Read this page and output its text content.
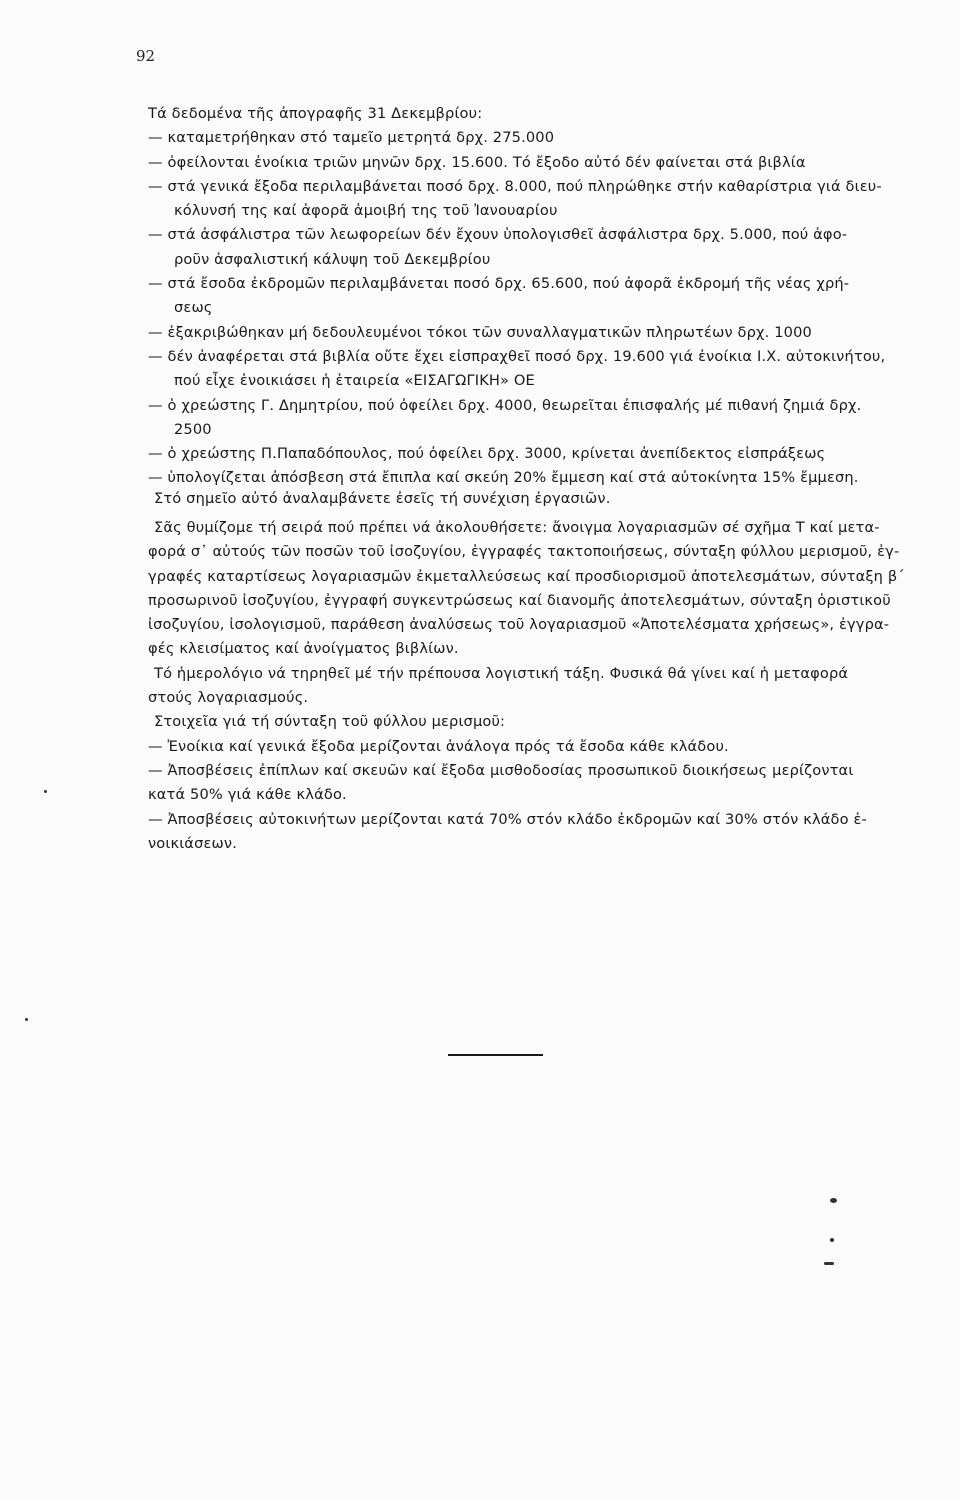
92
Τά δεδομένα τῆς ἀπογραφῆς 31 Δεκεμβρίου:
— καταμετρήθηκαν στό ταμεῖο μετρητά δρχ. 275.000
— ὀφείλονται ἐνοίκια τριῶν μηνῶν δρχ. 15.600. Τό ἔξοδο αὐτό δέν φαίνεται στά βιβλία
— στά γενικά ἔξοδα περιλαμβάνεται ποσό δρχ. 8.000, πού πληρώθηκε στήν καθαρίστρια γιά διευ-
κόλυνσή της καί ἀφορᾶ ἀμοιβή της τοῦ Ἰανουαρίου
— στά ἀσφάλιστρα τῶν λεωφορείων δέν ἔχουν ὑπολογισθεῖ ἀσφάλιστρα δρχ. 5.000, πού ἀφο-
ροῦν ἀσφαλιστική κάλυψη τοῦ Δεκεμβρίου
— στά ἔσοδα ἐκδρομῶν περιλαμβάνεται ποσό δρχ. 65.600, πού ἀφορᾶ ἐκδρομή τῆς νέας χρή-
σεως
— ἐξακριβώθηκαν μή δεδουλευμένοι τόκοι τῶν συναλλαγματικῶν πληρωτέων δρχ. 1000
— δέν ἀναφέρεται στά βιβλία οὔτε ἔχει εἰσπραχθεῖ ποσό δρχ. 19.600 γιά ἐνοίκια Ι.Χ. αὐτοκινήτου,
πού εἶχε ἐνοικιάσει ἡ ἑταιρεία «ΕΙΣΑΓΩΓΙΚΗ» ΟΕ
— ὁ χρεώστης Γ. Δημητρίου, πού ὀφείλει δρχ. 4000, θεωρεῖται ἐπισφαλής μέ πιθανή ζημιά δρχ.
2500
— ὁ χρεώστης Π.Παπαδόπουλος, πού ὀφείλει δρχ. 3000, κρίνεται ἀνεπίδεκτος εἰσπράξεως
— ὑπολογίζεται ἀπόσβεση στά ἔπιπλα καί σκεύη 20% ἔμμεση καί στά αὐτοκίνητα 15% ἔμμεση.
Στό σημεῖο αὐτό ἀναλαμβάνετε ἐσεῖς τή συνέχιση ἐργασιῶν.
Σᾶς θυμίζομε τή σειρά πού πρέπει νά ἀκολουθήσετε: ἄνοιγμα λογαριασμῶν σέ σχῆμα Τ καί μετα-
φορά σ᾽ αὐτούς τῶν ποσῶν τοῦ ἰσοζυγίου, ἐγγραφές τακτοποιήσεως, σύνταξη φύλλου μερισμοῦ, ἐγ-
γραφές καταρτίσεως λογαριασμῶν ἐκμεταλλεύσεως καί προσδιορισμοῦ ἀποτελεσμάτων, σύνταξη β΄
προσωρινοῦ ἰσοζυγίου, ἐγγραφή συγκεντρώσεως καί διανομῆς ἀποτελεσμάτων, σύνταξη ὁριστικοῦ
ἰσοζυγίου, ἰσολογισμοῦ, παράθεση ἀναλύσεως τοῦ λογαριασμοῦ «Ἀποτελέσματα χρήσεως», ἐγγρα-
φές κλεισίματος καί ἀνοίγματος βιβλίων.
Τό ἡμερολόγιο νά τηρηθεῖ μέ τήν πρέπουσα λογιστική τάξη. Φυσικά θά γίνει καί ἡ μεταφορά
στούς λογαριασμούς.
Στοιχεῖα γιά τή σύνταξη τοῦ φύλλου μερισμοῦ:
— Ἐνοίκια καί γενικά ἔξοδα μερίζονται ἀνάλογα πρός τά ἔσοδα κάθε κλάδου.
— Ἀποσβέσεις ἐπίπλων καί σκευῶν καί ἔξοδα μισθοδοσίας προσωπικοῦ διοικήσεως μερίζονται
κατά 50% γιά κάθε κλάδο.
— Ἀποσβέσεις αὐτοκινήτων μερίζονται κατά 70% στόν κλάδο ἐκδρομῶν καί 30% στόν κλάδο ἐ-
νοικιάσεων.
